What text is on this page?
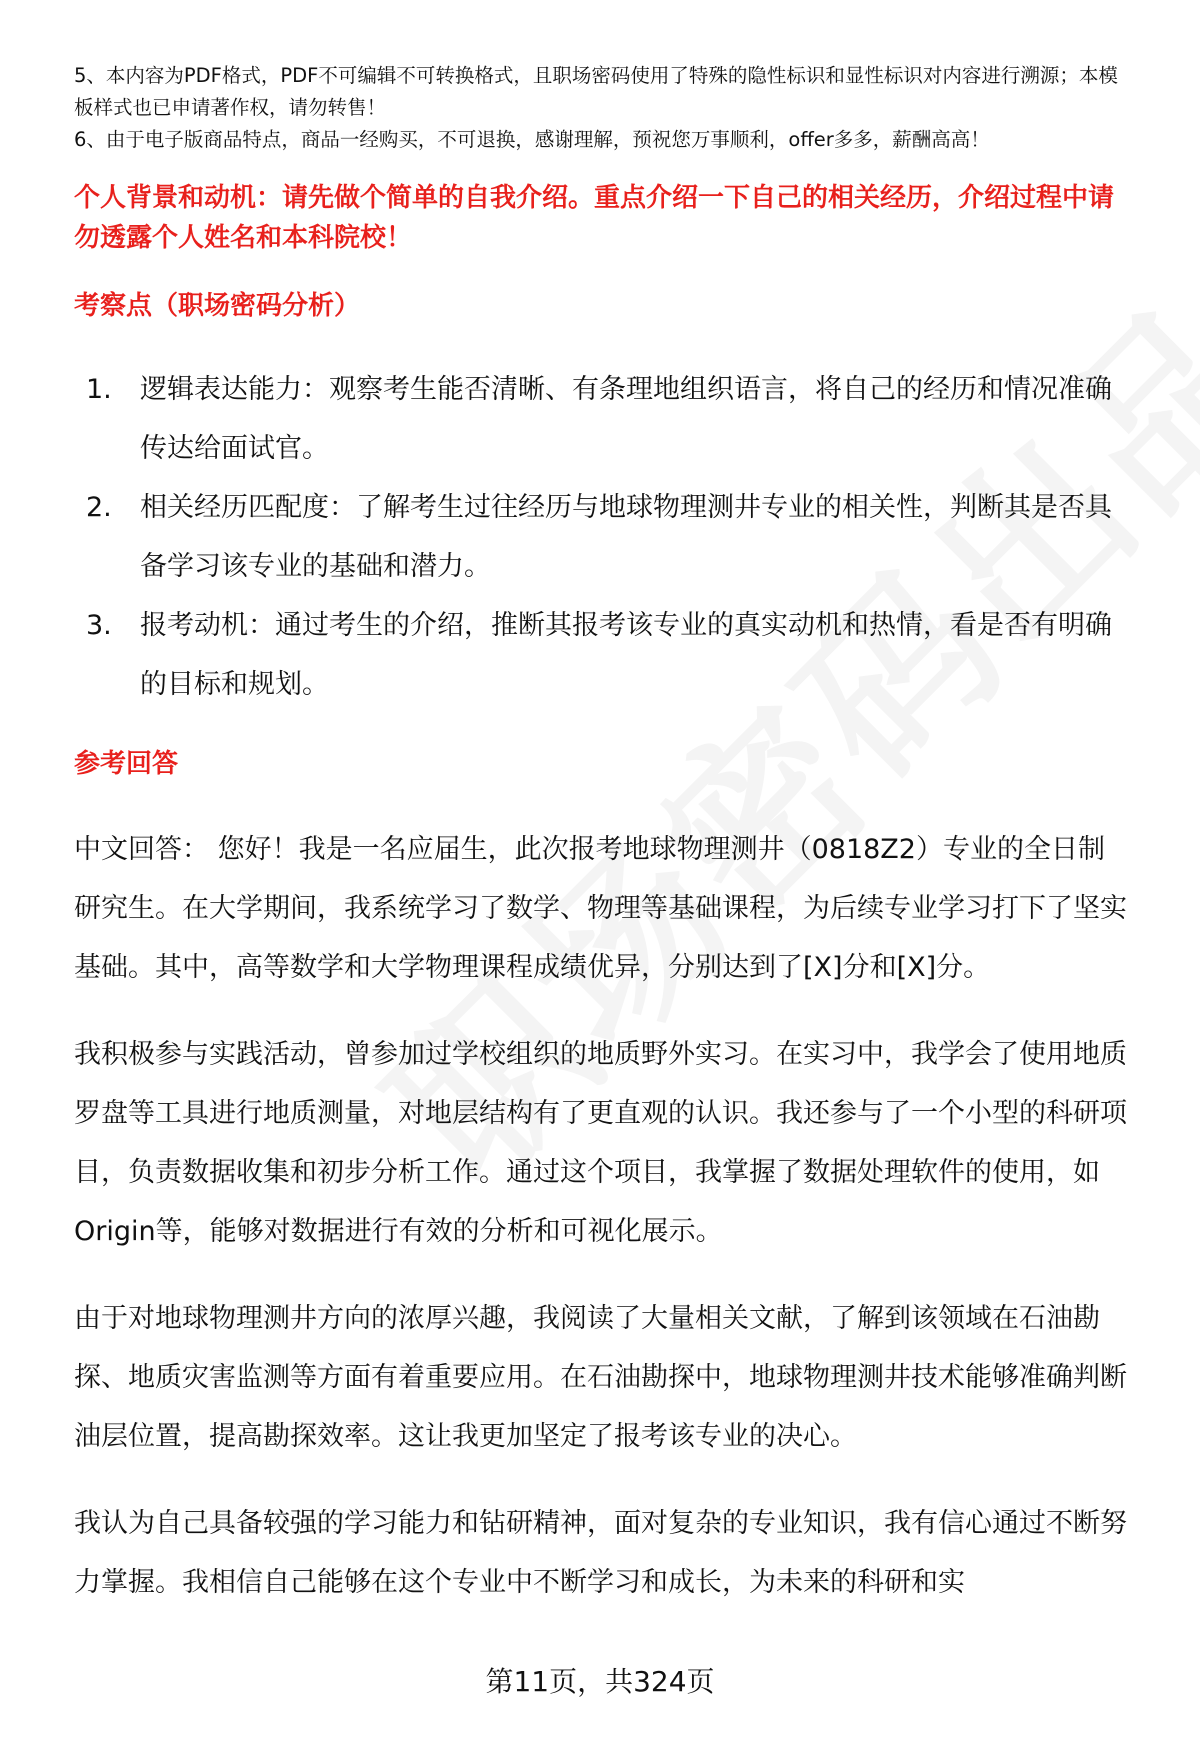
5、本内容为PDF格式，PDF不可编辑不可转换格式，且职场密码使用了特殊的隐性标识和显性标识对内容进行溯源；本模板样式也已申请著作权，请勿转售！

6、由于电子版商品特点，商品一经购买，不可退换，感谢理解，预祝您万事顺利，offer多多，薪酬高高！

个人背景和动机：请先做个简单的自我介绍。重点介绍一下自己的相关经历，介绍过程中请勿透露个人姓名和本科院校！
考察点（职场密码分析）
1.	逻辑表达能力：观察考生能否清晰、有条理地组织语言，将自己的经历和情况准确传达给面试官。
2.	相关经历匹配度：了解考生过往经历与地球物理测井专业的相关性，判断其是否具备学习该专业的基础和潜力。
3.	报考动机：通过考生的介绍，推断其报考该专业的真实动机和热情，看是否有明确的目标和规划。
参考回答

中文回答： 您好！我是一名应届生，此次报考地球物理测井（0818Z2）专业的全日制研究生。在大学期间，我系统学习了数学、物理等基础课程，为后续专业学习打下了坚实基础。其中，高等数学和大学物理课程成绩优异，分别达到了[X]分和[X]分。

我积极参与实践活动，曾参加过学校组织的地质野外实习。在实习中，我学会了使用地质罗盘等工具进行地质测量，对地层结构有了更直观的认识。我还参与了一个小型的科研项目，负责数据收集和初步分析工作。通过这个项目，我掌握了数据处理软件的使用，如Origin等，能够对数据进行有效的分析和可视化展示。

由于对地球物理测井方向的浓厚兴趣，我阅读了大量相关文献，了解到该领域在石油勘探、地质灾害监测等方面有着重要应用。在石油勘探中，地球物理测井技术能够准确判断油层位置，提高勘探效率。这让我更加坚定了报考该专业的决心。

我认为自己具备较强的学习能力和钻研精神，面对复杂的专业知识，我有信心通过不断努力掌握。我相信自己能够在这个专业中不断学习和成长，为未来的科研和实

第11页，共324页
